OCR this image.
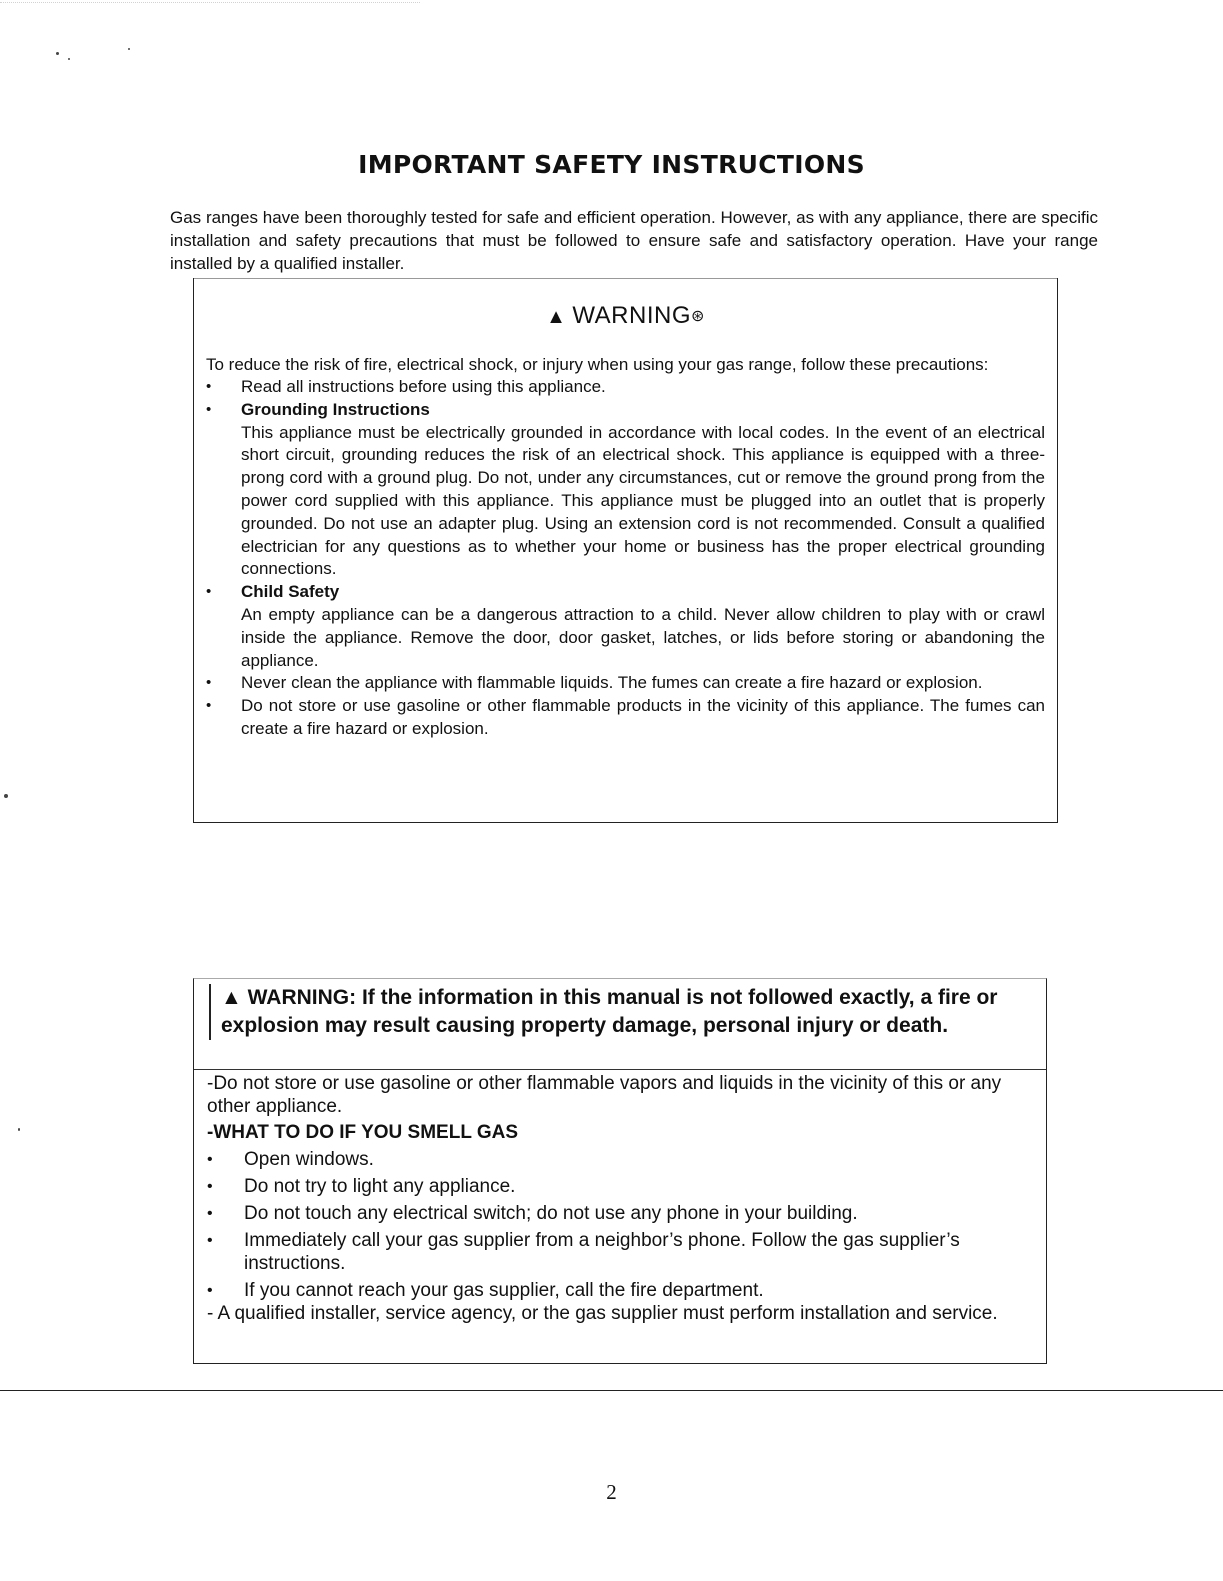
IMPORTANT SAFETY INSTRUCTIONS

Gas ranges have been thoroughly tested for safe and efficient operation. However, as with any appliance, there are specific installation and safety precautions that must be followed to ensure safe and satisfactory operation. Have your range installed by a qualified installer.

▲ WARNING⊛

To reduce the risk of fire, electrical shock, or injury when using your gas range, follow these precautions:

• Read all instructions before using this appliance.
• Grounding Instructions
This appliance must be electrically grounded in accordance with local codes. In the event of an electrical short circuit, grounding reduces the risk of an electrical shock. This appliance is equipped with a three-prong cord with a ground plug. Do not, under any circumstances, cut or remove the ground prong from the power cord supplied with this appliance. This appliance must be plugged into an outlet that is properly grounded. Do not use an adapter plug. Using an extension cord is not recommended. Consult a qualified electrician for any questions as to whether your home or business has the proper electrical grounding connections.
• Child Safety
An empty appliance can be a dangerous attraction to a child. Never allow children to play with or crawl inside the appliance. Remove the door, door gasket, latches, or lids before storing or abandoning the appliance.
• Never clean the appliance with flammable liquids. The fumes can create a fire hazard or explosion.
• Do not store or use gasoline or other flammable products in the vicinity of this appliance. The fumes can create a fire hazard or explosion.
▲ WARNING: If the information in this manual is not followed exactly, a fire or explosion may result causing property damage, personal injury or death.

-Do not store or use gasoline or other flammable vapors and liquids in the vicinity of this or any other appliance.

-WHAT TO DO IF YOU SMELL GAS

• Open windows.
• Do not try to light any appliance.
• Do not touch any electrical switch; do not use any phone in your building.
• Immediately call your gas supplier from a neighbor’s phone. Follow the gas supplier’s instructions.
• If you cannot reach your gas supplier, call the fire department.

- A qualified installer, service agency, or the gas supplier must perform installation and service.

2
